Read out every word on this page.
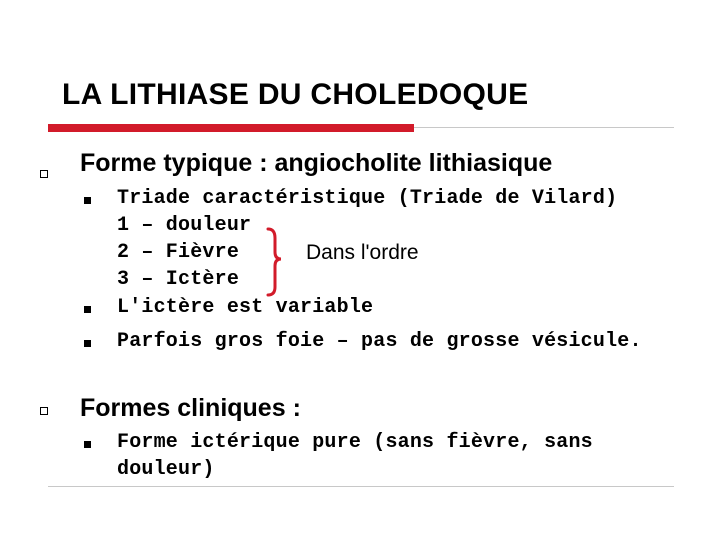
LA LITHIASE DU CHOLEDOQUE
Forme typique : angiocholite lithiasique
Triade caractéristique (Triade de Vilard)
1 – douleur
2 – Fièvre
3 – Ictère
L'ictère est variable
Parfois gros foie – pas de grosse vésicule.
Dans l'ordre
Formes cliniques :
Forme ictérique pure (sans fièvre, sans
douleur)
